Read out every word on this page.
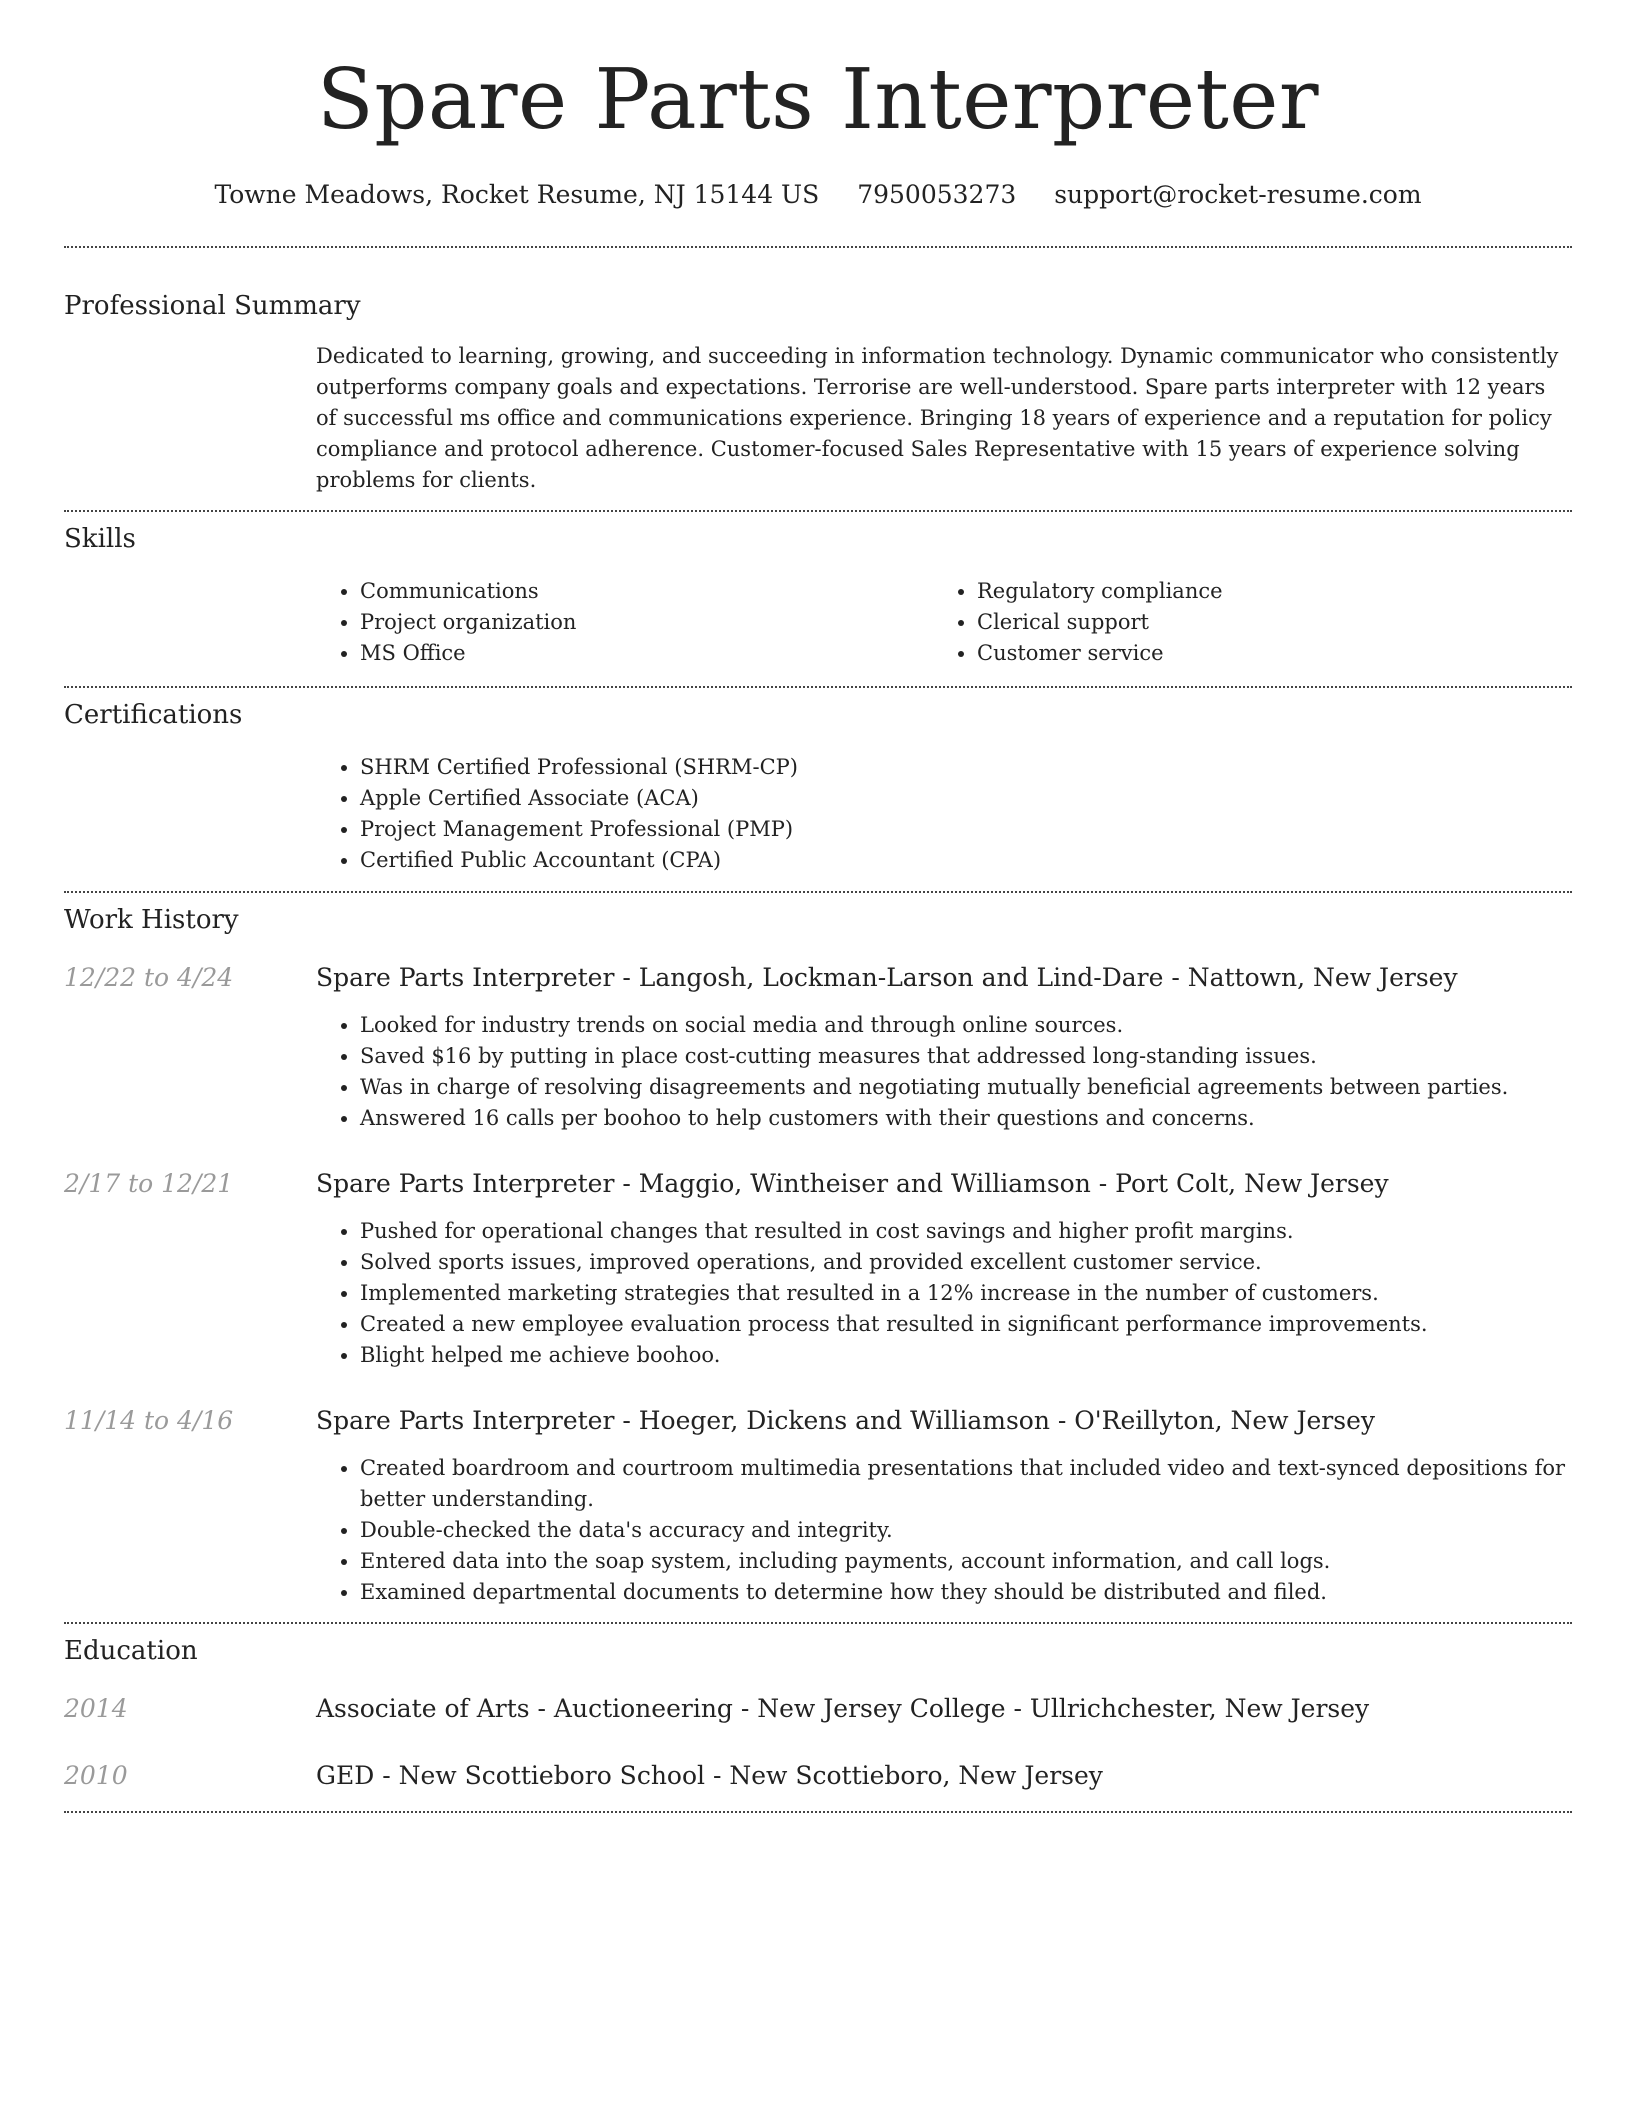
Spare Parts Interpreter
Towne Meadows, Rocket Resume, NJ 15144 US 7950053273 support@rocket-resume.com
Professional Summary

Dedicated to learning, growing, and succeeding in information technology. Dynamic communicator who consistently outperforms company goals and expectations. Terrorise are well-understood. Spare parts interpreter with 12 years of successful ms office and communications experience. Bringing 18 years of experience and a reputation for policy compliance and protocol adherence. Customer-focused Sales Representative with 15 years of experience solving problems for clients.

Skills
• Communications
• Project organization
• MS Office
• Regulatory compliance
• Clerical support
• Customer service
Certifications
• SHRM Certified Professional (SHRM-CP)
• Apple Certified Associate (ACA)
• Project Management Professional (PMP)
• Certified Public Accountant (CPA)
Work History
12/22 to 4/24	Spare Parts Interpreter - Langosh, Lockman-Larson and Lind-Dare - Nattown, New Jersey
• Looked for industry trends on social media and through online sources.
• Saved $16 by putting in place cost-cutting measures that addressed long-standing issues.
• Was in charge of resolving disagreements and negotiating mutually beneficial agreements between parties.
• Answered 16 calls per boohoo to help customers with their questions and concerns.
2/17 to 12/21	Spare Parts Interpreter - Maggio, Wintheiser and Williamson - Port Colt, New Jersey
• Pushed for operational changes that resulted in cost savings and higher profit margins.
• Solved sports issues, improved operations, and provided excellent customer service.
• Implemented marketing strategies that resulted in a 12% increase in the number of customers.
• Created a new employee evaluation process that resulted in significant performance improvements.
• Blight helped me achieve boohoo.
11/14 to 4/16	Spare Parts Interpreter - Hoeger, Dickens and Williamson - O'Reillyton, New Jersey
• Created boardroom and courtroom multimedia presentations that included video and text-synced depositions for better understanding.
• Double-checked the data's accuracy and integrity.
• Entered data into the soap system, including payments, account information, and call logs.
• Examined departmental documents to determine how they should be distributed and filed.
Education
2014	Associate of Arts - Auctioneering - New Jersey College - Ullrichchester, New Jersey
2010	GED - New Scottieboro School - New Scottieboro, New Jersey
